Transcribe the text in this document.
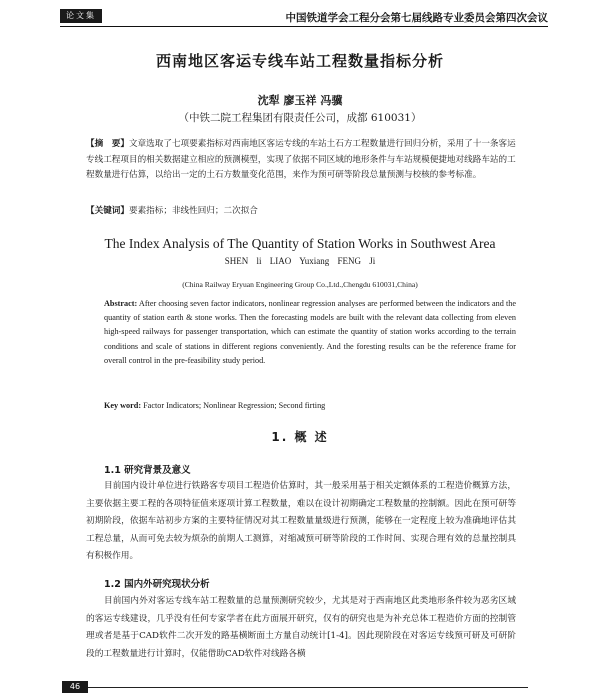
论文集	中国铁道学会工程分会第七届线路专业委员会第四次会议
西南地区客运专线车站工程数量指标分析
沈犁 廖玉祥 冯骥
（中铁二院工程集团有限责任公司，成都 610031）
【摘　要】文章选取了七项要素指标对西南地区客运专线的车站土石方工程数量进行回归分析，采用了十一条客运专线工程项目的相关数据建立相应的预测模型，实现了依据不同区域的地形条件与车站规模便捷地对线路车站的工程数量进行估算，以给出一定的土石方数量变化范围，来作为预可研等阶段总量预测与校核的参考标准。
【关键词】要素指标；非线性回归；二次拟合
The Index Analysis of The Quantity of Station Works in Southwest Area
SHEN li LIAO Yuxiang FENG Ji
(China Railway Eryuan Engineering Group Co.,Ltd.,Chengdu 610031,China)
Abstract: After choosing seven factor indicators, nonlinear regression analyses are performed between the indicators and the quantity of station earth & stone works. Then the forecasting models are built with the relevant data collecting from eleven high-speed railways for passenger transportation, which can estimate the quantity of station works according to the terrain conditions and scale of stations in different regions conveniently. And the foresting results can be the reference frame for overall control in the pre-feasibility study period.
Key word: Factor Indicators; Nonlinear Regression; Second firting
1. 概 述
1.1 研究背景及意义
目前国内设计单位进行铁路客专项目工程造价估算时，其一般采用基于相关定额体系的工程造价概算方法，主要依据主要工程的各项特征值来逐项计算工程数量，难以在设计初期确定工程数量的控制额。因此在预可研等初期阶段，依据车站初步方案的主要特征情况对其工程数量量级进行预测，能够在一定程度上较为准确地评估其工程总量，从而可免去较为烦杂的前期人工测算，对缩减预可研等阶段的工作时间、实现合理有效的总量控制具有积极作用。
1.2 国内外研究现状分析
目前国内外对客运专线车站工程数量的总量预测研究较少，尤其是对于西南地区此类地形条件较为恶劣区域的客运专线建设，几乎没有任何专家学者在此方面展开研究，仅有的研究也是为补充总体工程造价方面的控制管理或者是基于CAD软件二次开发的路基横断面土方量自动统计[1-4]。因此现阶段在对客运专线预可研及可研阶段的工程数量进行计算时，仅能借助CAD软件对线路各横
46
